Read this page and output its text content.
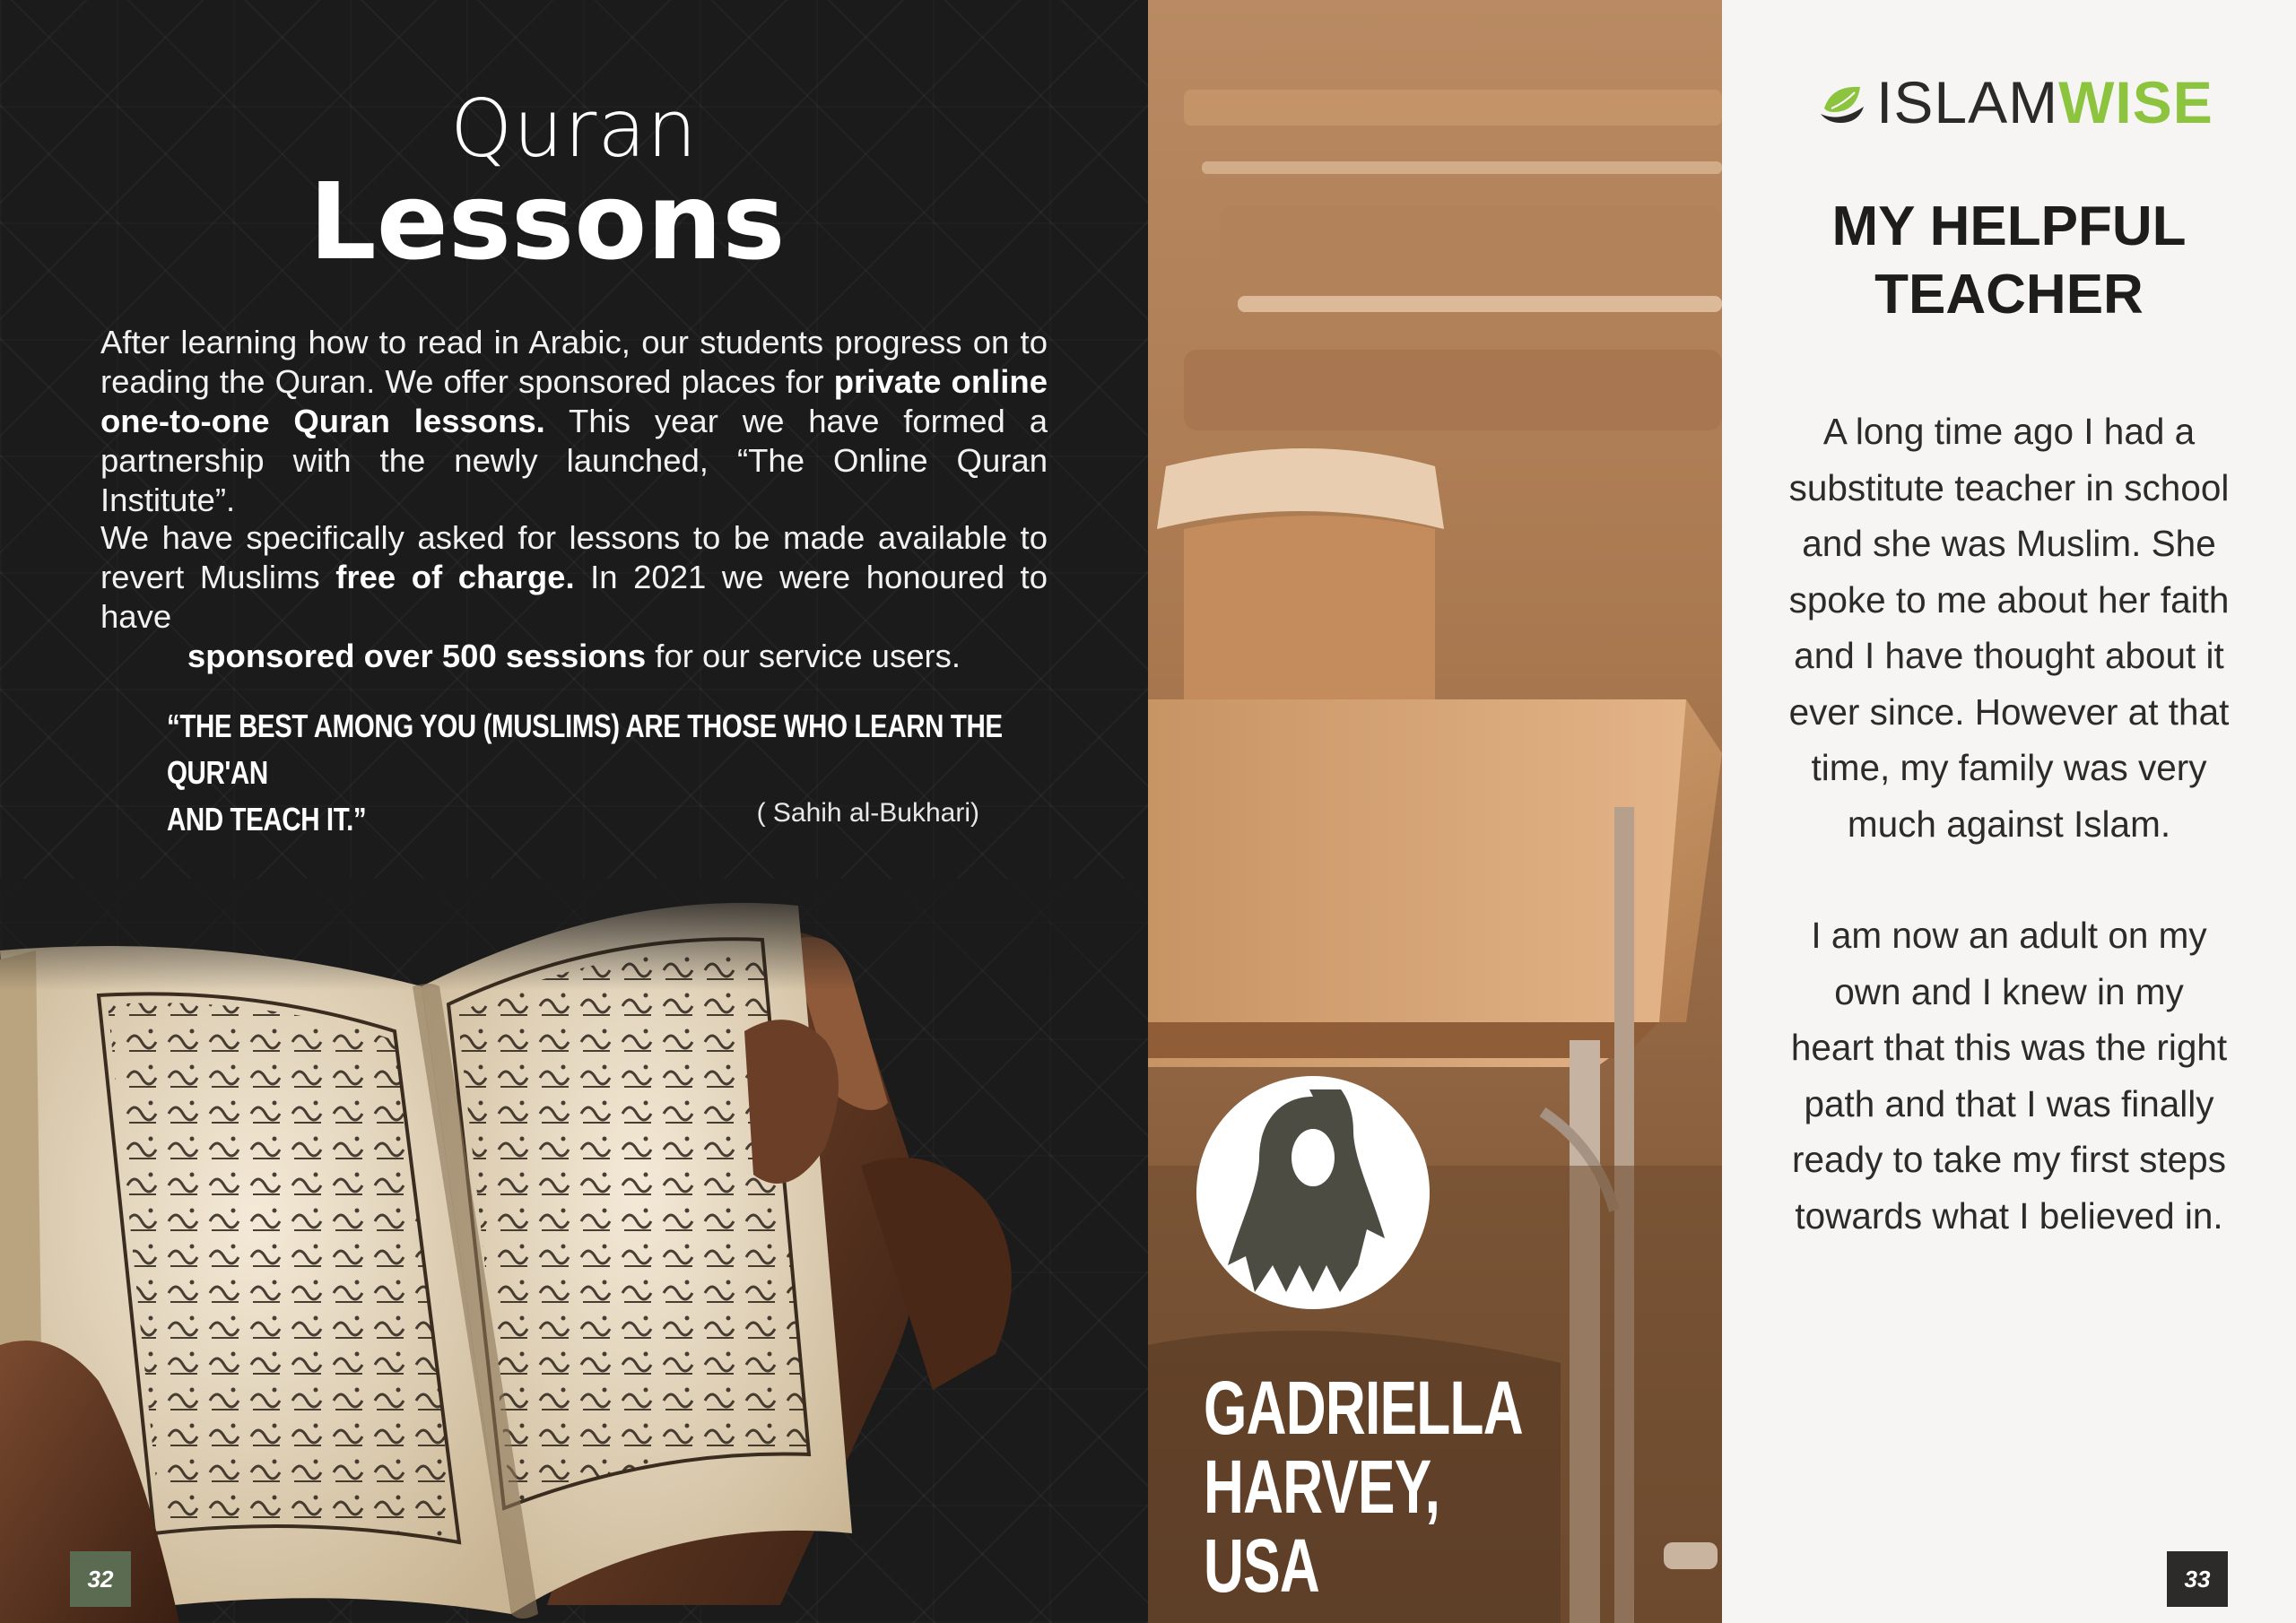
Quran
Lessons

After learning how to read in Arabic, our students progress on to reading the Quran. We offer sponsored places for private online one-to-one Quran lessons. This year we have formed a partnership with the newly launched, “The Online Quran Institute”.

We have specifically asked for lessons to be made available to revert Muslims free of charge. In 2021 we were honoured to have
sponsored over 500 sessions for our service users.

“THE BEST AMONG YOU (MUSLIMS) ARE THOSE WHO LEARN THE QUR'AN
AND TEACH IT.”	( Sahih al-Bukhari)
32
GADRIELLA HARVEY,
USA
ISLAM WISE
MY HELPFUL
TEACHER
A long time ago I had a
substitute teacher in school
and she was Muslim. She
spoke to me about her faith
and I have thought about it
ever since. However at that
time, my family was very
much against Islam.
I am now an adult on my
own and I knew in my
heart that this was the right
path and that I was finally
ready to take my first steps
towards what I believed in.
33
